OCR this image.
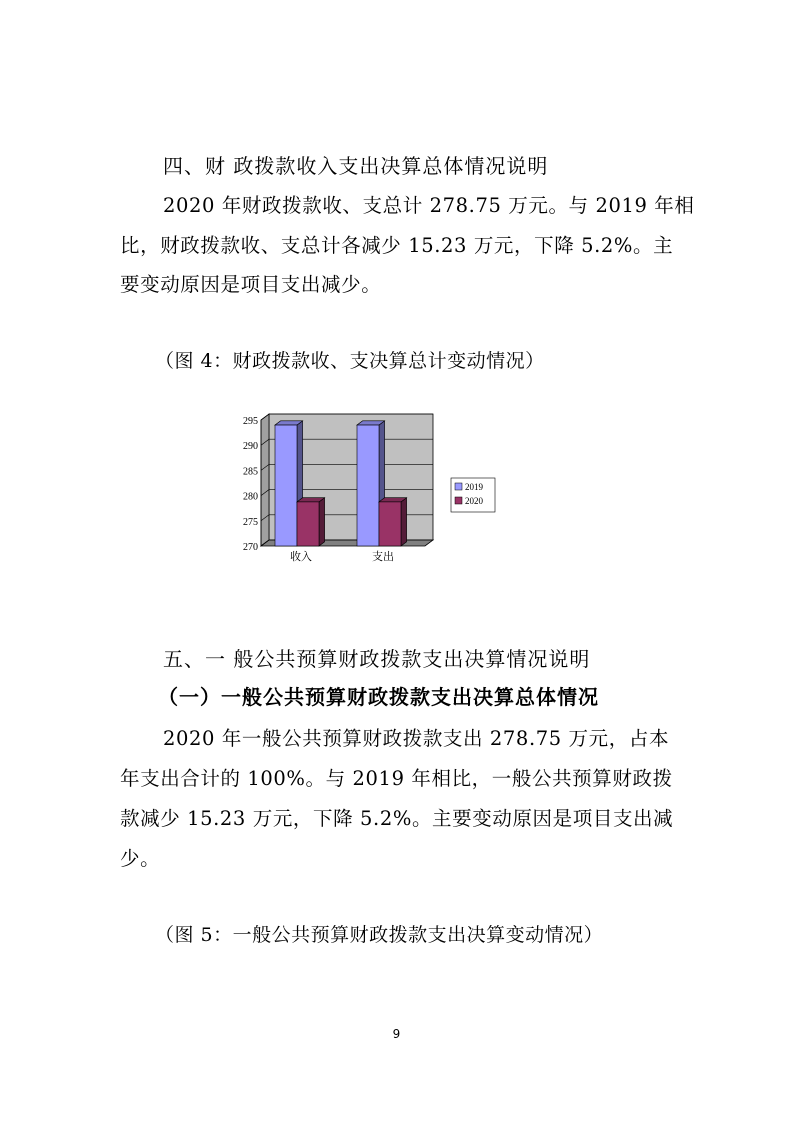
四、财 政拨款收入支出决算总体情况说明
2020 年财政拨款收、支总计 278.75 万元。与 2019 年相
比，财政拨款收、支总计各减少 15.23 万元，下降 5.2%。主
要变动原因是项目支出减少。
（图 4：财政拨款收、支决算总计变动情况）
270
275
280
285
290
295
收入	支出
2019
2020
五、一 般公共预算财政拨款支出决算情况说明
（一）一般公共预算财政拨款支出决算总体情况
2020 年一般公共预算财政拨款支出 278.75 万元，占本
年支出合计的 100%。与 2019 年相比，一般公共预算财政拨
款减少 15.23 万元，下降 5.2%。主要变动原因是项目支出减
少。
（图 5：一般公共预算财政拨款支出决算变动情况）
9
